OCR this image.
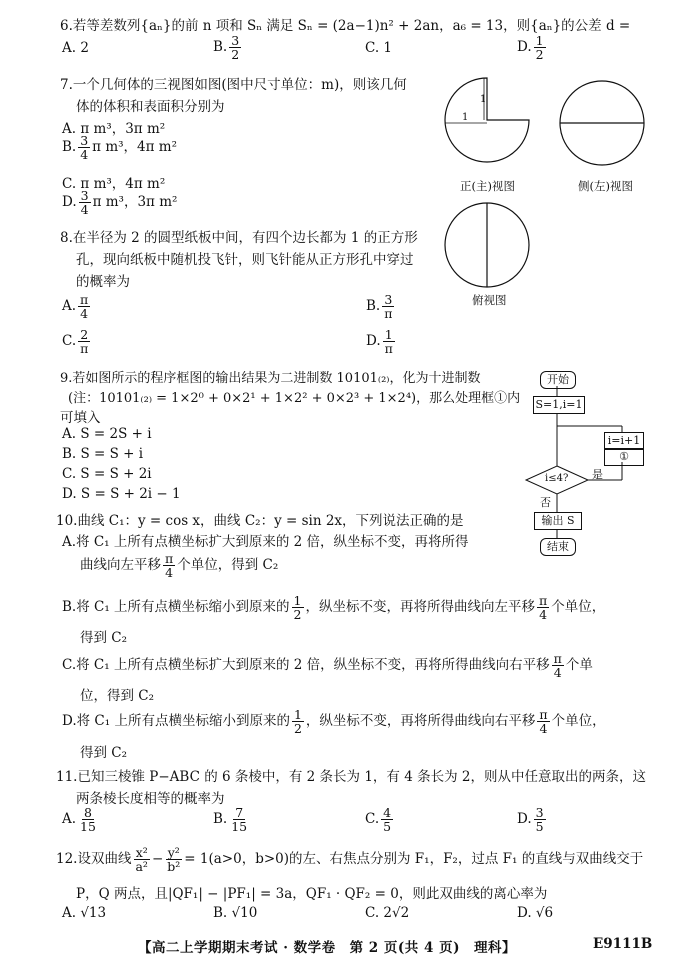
6.若等差数列{aₙ}的前 n 项和 Sₙ 满足 Sₙ = (2a−1)n² + 2an，a₆ = 13，则{aₙ}的公差 d =
A. 2	B. $\frac{3}{2}$	C. 1	D. $\frac{1}{2}$
7.一个几何体的三视图如图(图中尺寸单位：m)，则该几何
体的体积和表面积分别为
A. π m³，3π m²
B. $\frac{3}{4}$ π m³，4π m²
C. π m³，4π m²
D. $\frac{3}{4}$ π m³，3π m²
1
1
正(主)视图	侧(左)视图
俯视图
8.在半径为 2 的圆型纸板中间，有四个边长都为 1 的正方形
孔，现向纸板中随机投飞针，则飞针能从正方形孔中穿过
的概率为
A. $\frac{\pi}{4}$	B. $\frac{3}{\pi}$
C. $\frac{2}{\pi}$	D. $\frac{1}{\pi}$
9.若如图所示的程序框图的输出结果为二进制数 10101₍₂₎，化为十进制数
(注：10101₍₂₎ = 1×2⁰ + 0×2¹ + 1×2² + 0×2³ + 1×2⁴)，那么处理框①内
可填入
A. S = 2S + i
B. S = S + i
C. S = S + 2i
D. S = S + 2i − 1
开始
S=1,i=1
i=i+1
①
i≤4? 是
否
输出 S
结束
10.曲线 C₁：y = cos x，曲线 C₂：y = sin 2x，下列说法正确的是
A.将 C₁ 上所有点横坐标扩大到原来的 2 倍，纵坐标不变，再将所得
曲线向左平移 $\frac{\pi}{4}$ 个单位，得到 C₂
B.将 C₁ 上所有点横坐标缩小到原来的 $\frac{1}{2}$ ，纵坐标不变，再将所得曲线向左平移 $\frac{\pi}{4}$ 个单位，
得到 C₂
C.将 C₁ 上所有点横坐标扩大到原来的 2 倍，纵坐标不变，再将所得曲线向右平移 $\frac{\pi}{4}$ 个单
位，得到 C₂
D.将 C₁ 上所有点横坐标缩小到原来的 $\frac{1}{2}$ ，纵坐标不变，再将所得曲线向右平移 $\frac{\pi}{4}$ 个单位，
得到 C₂
11.已知三棱锥 P−ABC 的 6 条棱中，有 2 条长为 1，有 4 条长为 2，则从中任意取出的两条，这
两条棱长度相等的概率为
A. $\frac{8}{15}$	B. $\frac{7}{15}$	C. $\frac{4}{5}$	D. $\frac{3}{5}$
12.设双曲线 $\frac{\text{x²}}{\text{a²}} - \frac{\text{y²}}{\text{b²}} = 1(a>0$，b>0)的左、右焦点分别为 F₁，F₂，过点 F₁ 的直线与双曲线交于
P，Q 两点，且|QF₁| − |PF₁| = 3a，QF₁ · QF₂ = 0，则此双曲线的离心率为
A. √13	B. √10	C. 2√2	D. √6
【高二上学期期末考试 · 数学卷　第 2 页(共 4 页)　理科】	E9111B
